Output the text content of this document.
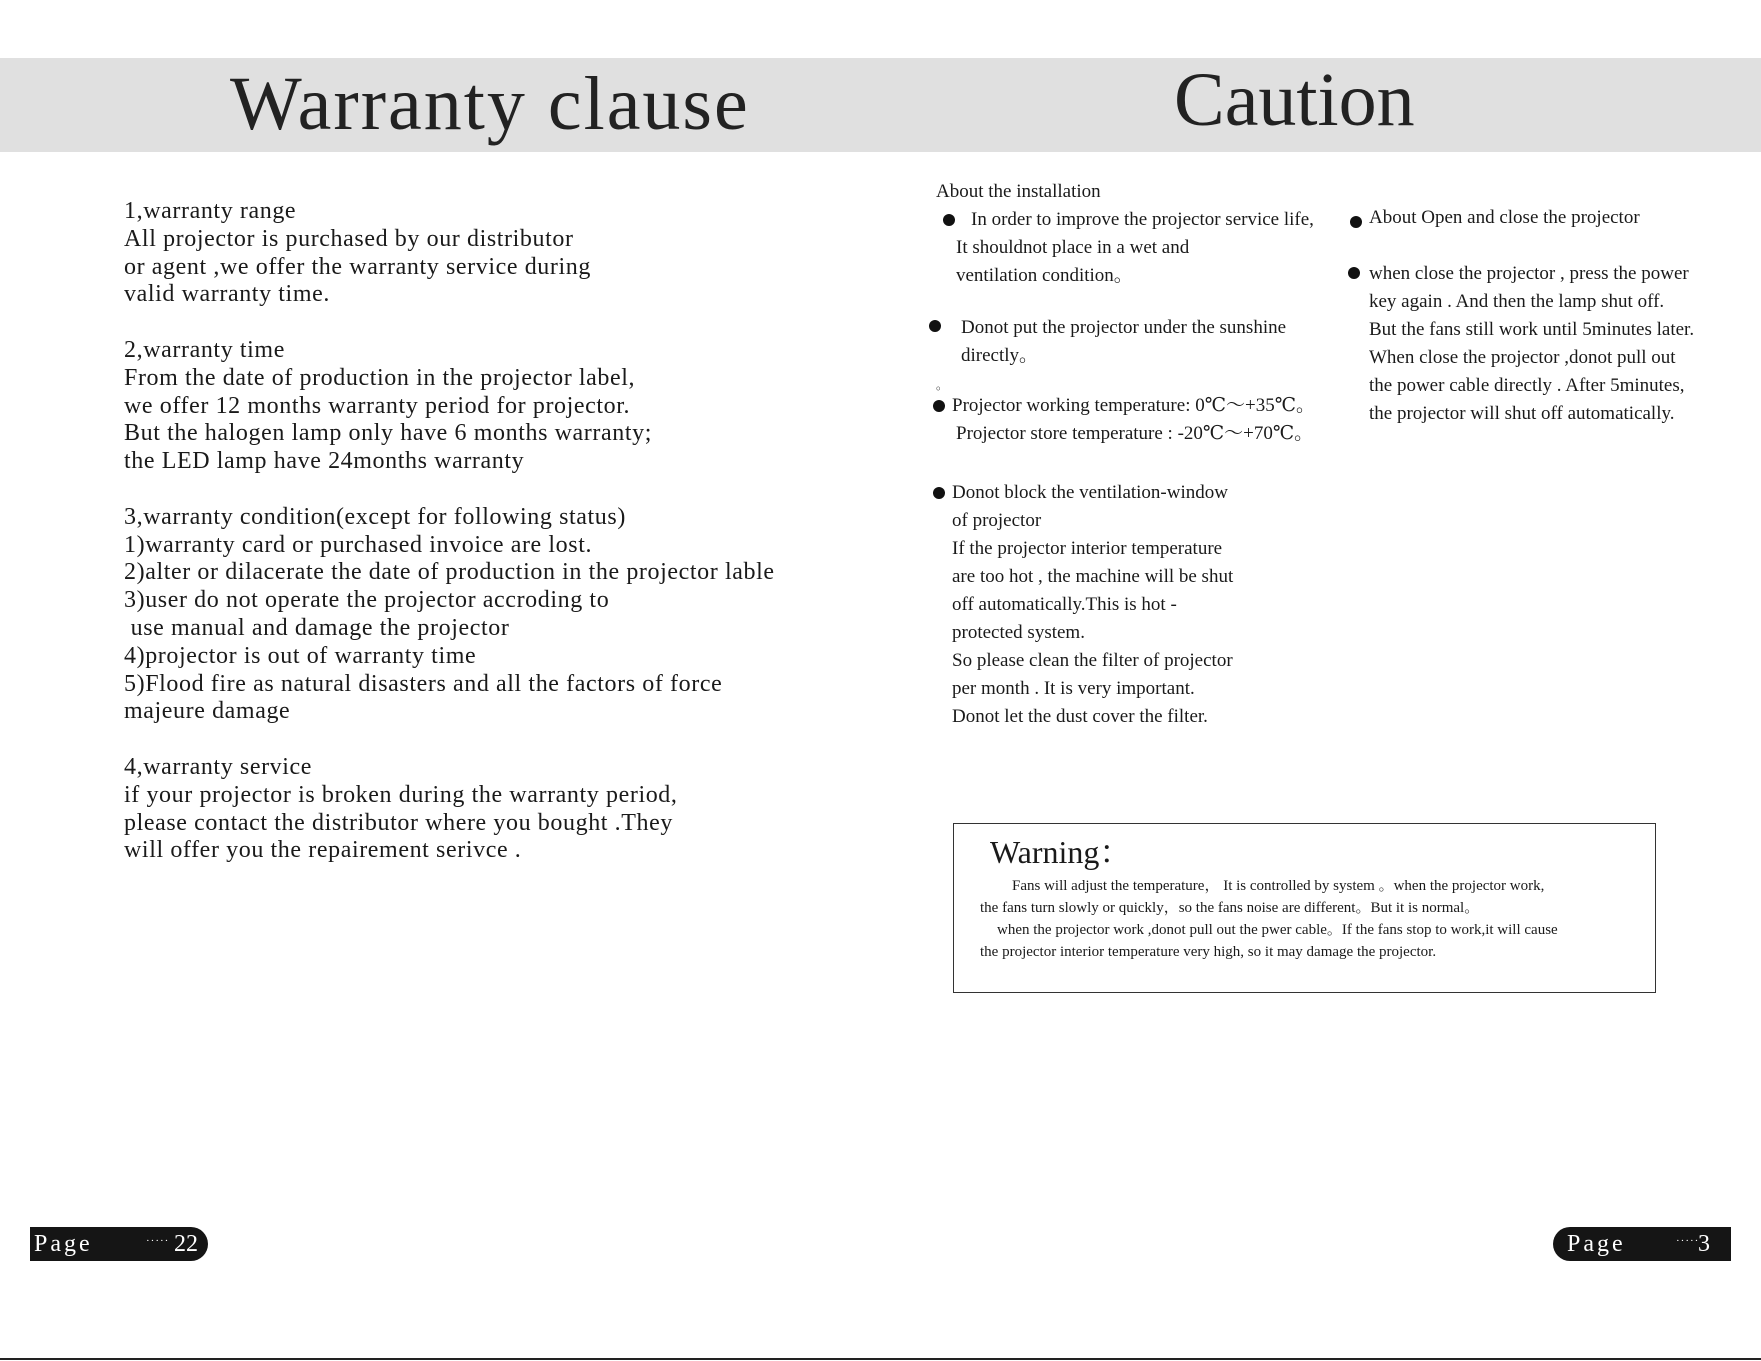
Warranty clause	Caution
1,warranty range
All projector is purchased by our distributor
or agent ,we offer the warranty service during
valid warranty time.
2,warranty time
From the date of production in the projector label,
we offer 12 months warranty period for projector.
But the halogen lamp only have 6 months warranty;
the LED lamp have 24months warranty
3,warranty condition(except for following status)
1)warranty card or purchased invoice are lost.
2)alter or dilacerate the date of production in the projector lable
3)user do not operate the projector accroding to
use manual and damage the projector
4)projector is out of warranty time
5)Flood fire as natural disasters and all the factors of force
majeure damage
4,warranty service
if your projector is broken during the warranty period,
please contact the distributor where you bought .They
will offer you the repairement serivce .
About the installation
In order to improve the projector service life,
It shouldnot place in a wet and
ventilation condition。
Donot put the projector under the sunshine
directly。
。
Projector working temperature: 0℃～+35℃。
Projector store temperature : -20℃～+70℃。
Donot block the ventilation-window
of projector
If the projector interior temperature
are too hot , the machine will be shut
off automatically.This is hot -
protected system.
So please clean the filter of projector
per month . It is very important.
Donot let the dust cover the filter.
About Open and close the projector
when close the projector , press the power
key again . And then the lamp shut off.
But the fans still work until 5minutes later.
When close the projector ,donot pull out
the power cable directly . After 5minutes,
the projector will shut off automatically.
Warning：
Fans will adjust the temperature， It is controlled by system 。when the projector work,
the fans turn slowly or quickly，so the fans noise are different。But it is normal。
when the projector work ,donot pull out the pwer cable。If the fans stop to work,it will cause
the projector interior temperature very high, so it may damage the projector.
Page	····· 22	Page	·····
3
